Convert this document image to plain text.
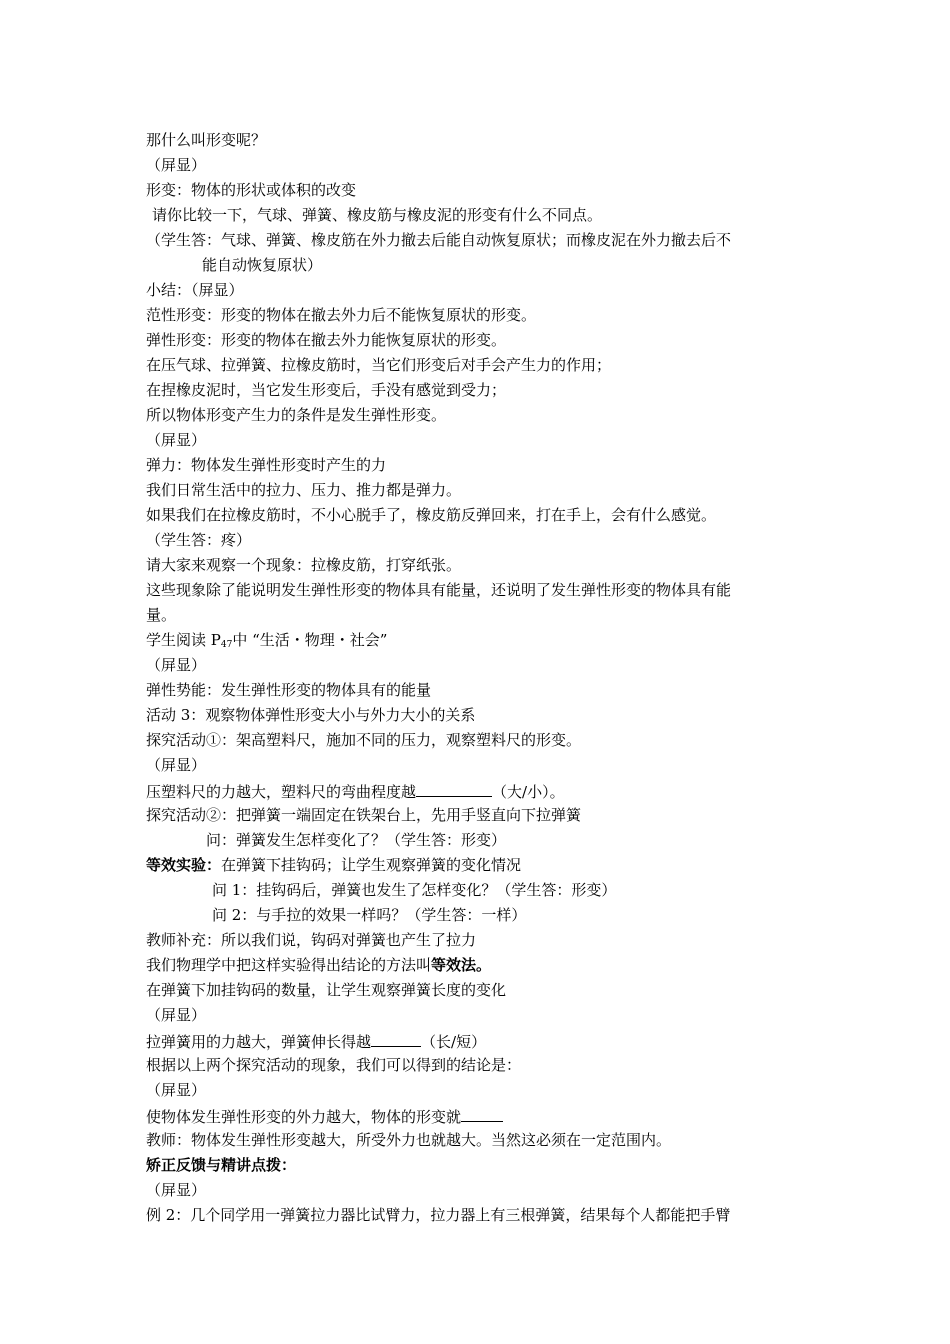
那什么叫形变呢？
（屏显）
形变：物体的形状或体积的改变
请你比较一下，气球、弹簧、橡皮筋与橡皮泥的形变有什么不同点。
（学生答：气球、弹簧、橡皮筋在外力撤去后能自动恢复原状；而橡皮泥在外力撤去后不
能自动恢复原状）
小结：（屏显）
范性形变：形变的物体在撤去外力后不能恢复原状的形变。
弹性形变：形变的物体在撤去外力能恢复原状的形变。
在压气球、拉弹簧、拉橡皮筋时，当它们形变后对手会产生力的作用；
在捏橡皮泥时，当它发生形变后，手没有感觉到受力；
所以物体形变产生力的条件是发生弹性形变。
（屏显）
弹力：物体发生弹性形变时产生的力
我们日常生活中的拉力、压力、推力都是弹力。
如果我们在拉橡皮筋时，不小心脱手了，橡皮筋反弹回来，打在手上，会有什么感觉。
（学生答：疼）
请大家来观察一个现象：拉橡皮筋，打穿纸张。
这些现象除了能说明发生弹性形变的物体具有能量，还说明了发生弹性形变的物体具有能
量。
学生阅读 $P_{47}$中 “生活・物理・社会”
（屏显）
弹性势能：发生弹性形变的物体具有的能量
活动 3：观察物体弹性形变大小与外力大小的关系
探究活动①：架高塑料尺，施加不同的压力，观察塑料尺的形变。
（屏显）
压塑料尺的力越大，塑料尺的弯曲程度越	（大/小）。
探究活动②：把弹簧一端固定在铁架台上，先用手竖直向下拉弹簧
问：弹簧发生怎样变化了？（学生答：形变）
等效实验：在弹簧下挂钩码；让学生观察弹簧的变化情况
问 1：挂钩码后，弹簧也发生了怎样变化？（学生答：形变）
问 2：与手拉的效果一样吗？（学生答：一样）
教师补充：所以我们说，钩码对弹簧也产生了拉力
我们物理学中把这样实验得出结论的方法叫等效法。
在弹簧下加挂钩码的数量，让学生观察弹簧长度的变化
（屏显）
拉弹簧用的力越大，弹簧伸长得越	（长/短）
根据以上两个探究活动的现象，我们可以得到的结论是：
（屏显）
使物体发生弹性形变的外力越大，物体的形变就
教师：物体发生弹性形变越大，所受外力也就越大。当然这必须在一定范围内。
矫正反馈与精讲点拨：
（屏显）
例 2：几个同学用一弹簧拉力器比试臂力，拉力器上有三根弹簧，结果每个人都能把手臂
